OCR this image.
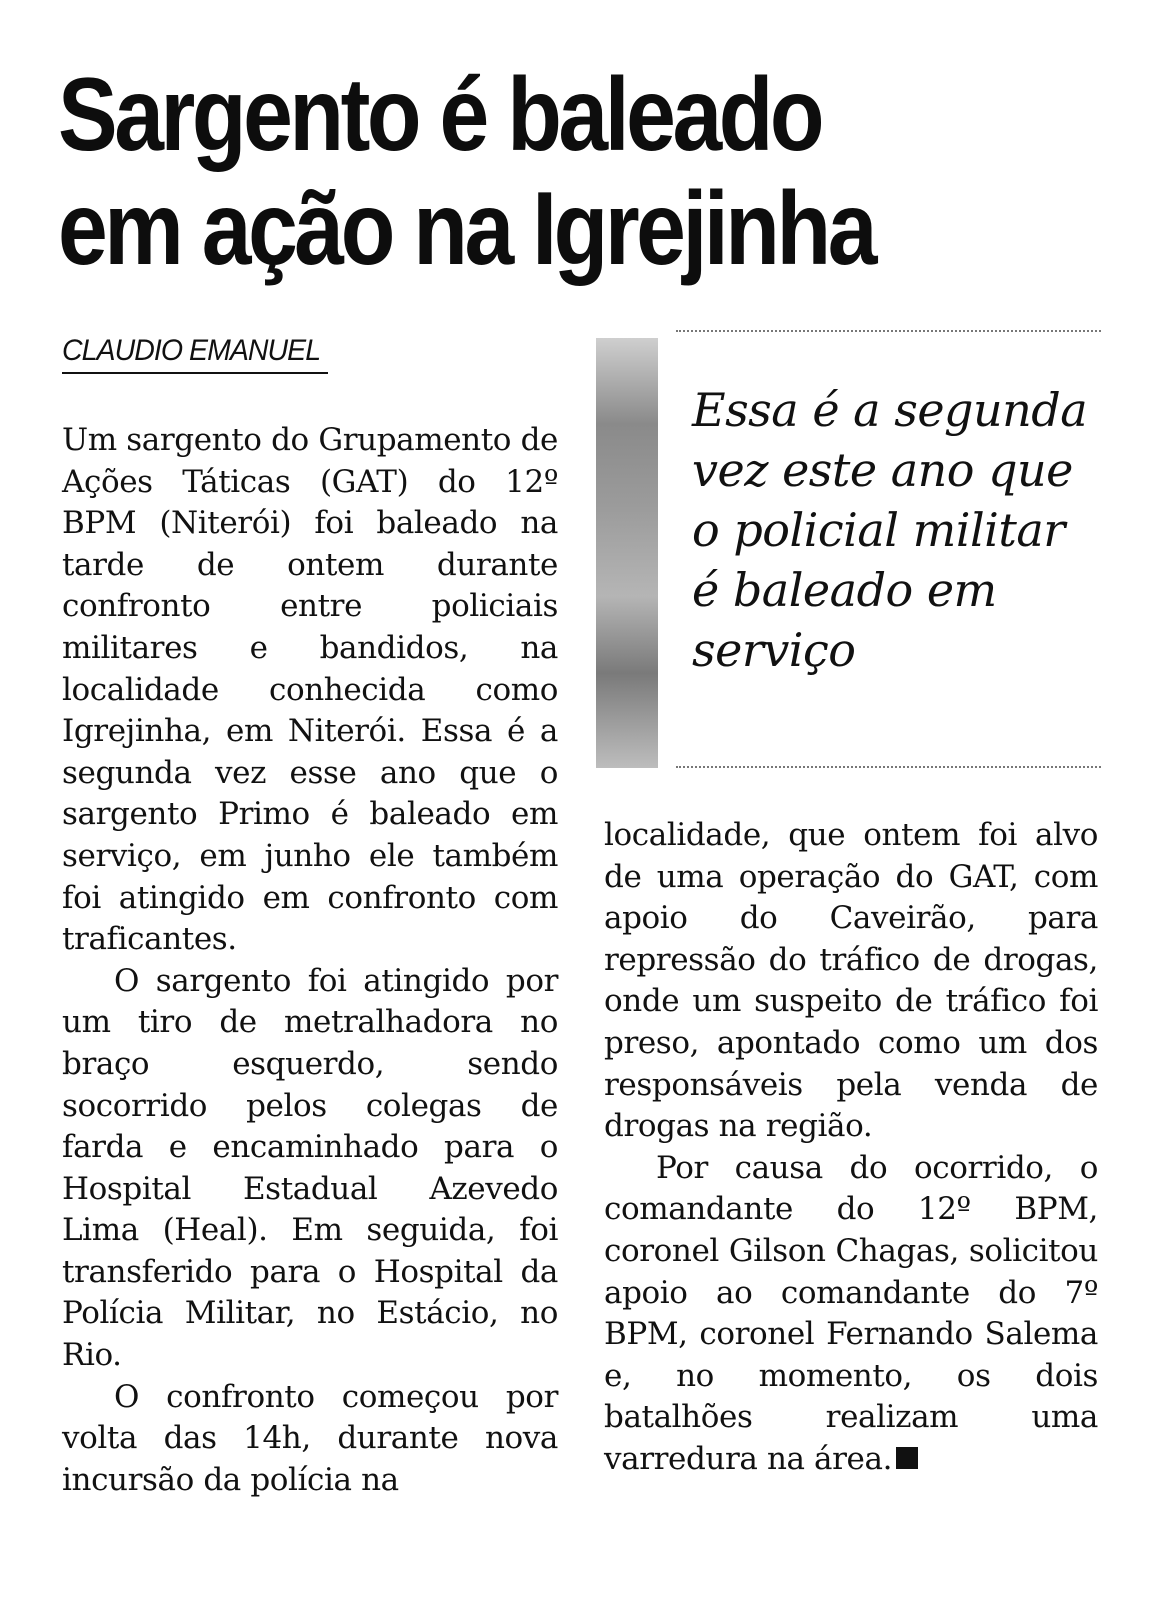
Sargento é baleado
em ação na Igrejinha
CLAUDIO EMANUEL
Essa é a segunda vez este ano que o policial militar é baleado em serviço

Um sargento do Grupamento de Ações Táticas (GAT) do 12º BPM (Niterói) foi baleado na tarde de ontem durante confronto entre policiais militares e bandidos, na localidade conhecida como Igrejinha, em Niterói. Essa é a segunda vez esse ano que o sargento Primo é baleado em serviço, em junho ele também foi atingido em confronto com traficantes.

O sargento foi atingido por um tiro de metralhadora no braço esquerdo, sendo socorrido pelos colegas de farda e encaminhado para o Hospital Estadual Azevedo Lima (Heal). Em seguida, foi transferido para o Hospital da Polícia Militar, no Estácio, no Rio.

O confronto começou por volta das 14h, durante nova incursão da polícia na

localidade, que ontem foi alvo de uma operação do GAT, com apoio do Caveirão, para repressão do tráfico de drogas, onde um suspeito de tráfico foi preso, apontado como um dos responsáveis pela venda de drogas na região.

Por causa do ocorrido, o comandante do 12º BPM, coronel Gilson Chagas, solicitou apoio ao comandante do 7º BPM, coronel Fernando Salema e, no momento, os dois batalhões realizam uma varredura na área.
